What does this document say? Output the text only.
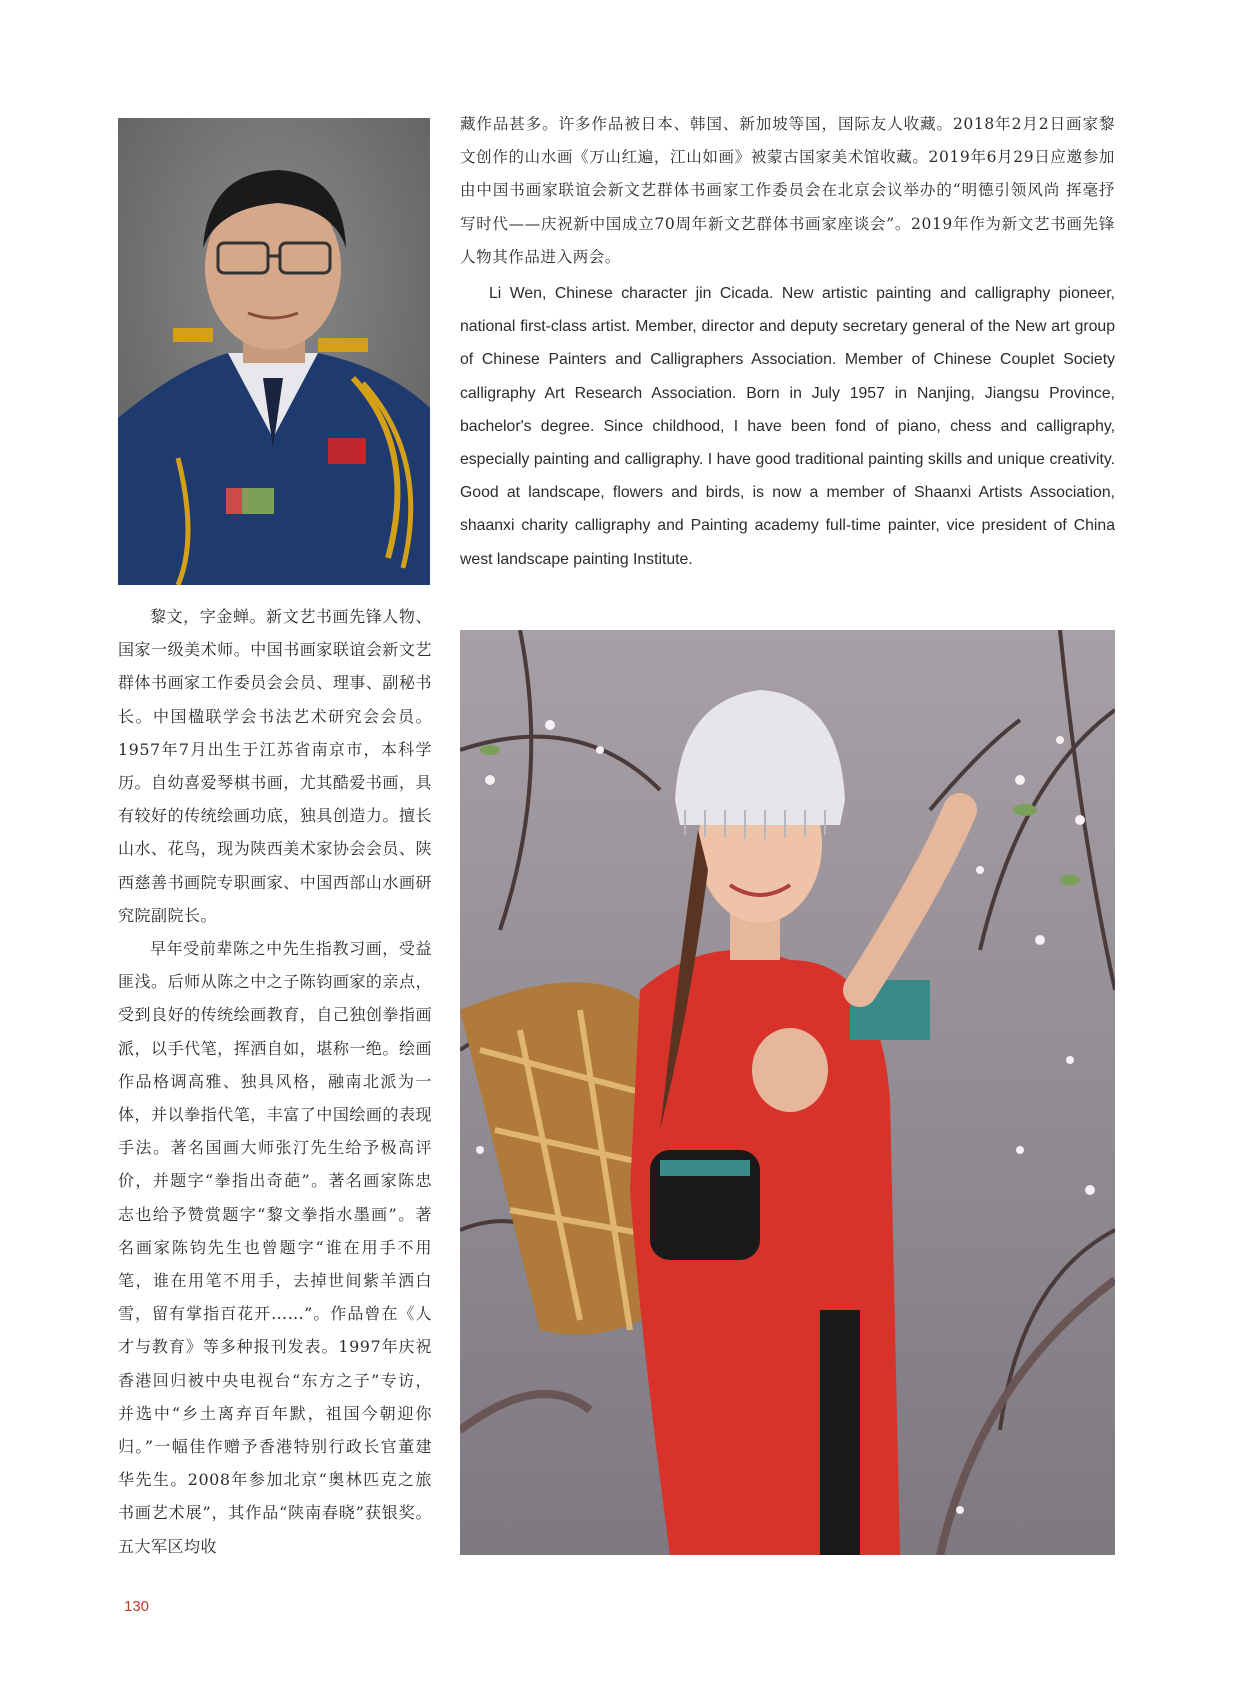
藏作品甚多。许多作品被日本、韩国、新加坡等国，国际友人收藏。2018年2月2日画家黎文创作的山水画《万山红遍，江山如画》被蒙古国家美术馆收藏。2019年6月29日应邀参加由中国书画家联谊会新文艺群体书画家工作委员会在北京会议举办的“明德引领风尚 挥毫抒写时代——庆祝新中国成立70周年新文艺群体书画家座谈会”。2019年作为新文艺书画先锋人物其作品进入两会。

Li Wen, Chinese character jin Cicada. New artistic painting and calligraphy pioneer, national first-class artist. Member, director and deputy secretary general of the New art group of Chinese Painters and Calligraphers Association. Member of Chinese Couplet Society calligraphy Art Research Association. Born in July 1957 in Nanjing, Jiangsu Province, bachelor's degree. Since childhood, I have been fond of piano, chess and calligraphy, especially painting and calligraphy. I have good traditional painting skills and unique creativity. Good at landscape, flowers and birds, is now a member of Shaanxi Artists Association, shaanxi charity calligraphy and Painting academy full-time painter, vice president of China west landscape painting Institute.

黎文，字金蝉。新文艺书画先锋人物、国家一级美术师。中国书画家联谊会新文艺群体书画家工作委员会会员、理事、副秘书长。中国楹联学会书法艺术研究会会员。1957年7月出生于江苏省南京市，本科学历。自幼喜爱琴棋书画，尤其酷爱书画，具有较好的传统绘画功底，独具创造力。擅长山水、花鸟，现为陕西美术家协会会员、陕西慈善书画院专职画家、中国西部山水画研究院副院长。

早年受前辈陈之中先生指教习画，受益匪浅。后师从陈之中之子陈钧画家的亲点，受到良好的传统绘画教育，自己独创拳指画派，以手代笔，挥洒自如，堪称一绝。绘画作品格调高雅、独具风格，融南北派为一体，并以拳指代笔，丰富了中国绘画的表现手法。著名国画大师张汀先生给予极高评价，并题字“拳指出奇葩”。著名画家陈忠志也给予赞赏题字“黎文拳指水墨画”。著名画家陈钧先生也曾题字“谁在用手不用笔，谁在用笔不用手，去掉世间紫羊洒白雪，留有掌指百花开……”。作品曾在《人才与教育》等多种报刊发表。1997年庆祝香港回归被中央电视台“东方之子”专访，并选中“乡土离弃百年默，祖国今朝迎你归。”一幅佳作赠予香港特别行政长官董建华先生。2008年参加北京“奥林匹克之旅书画艺术展”，其作品“陕南春晓”获银奖。五大军区均收

130
